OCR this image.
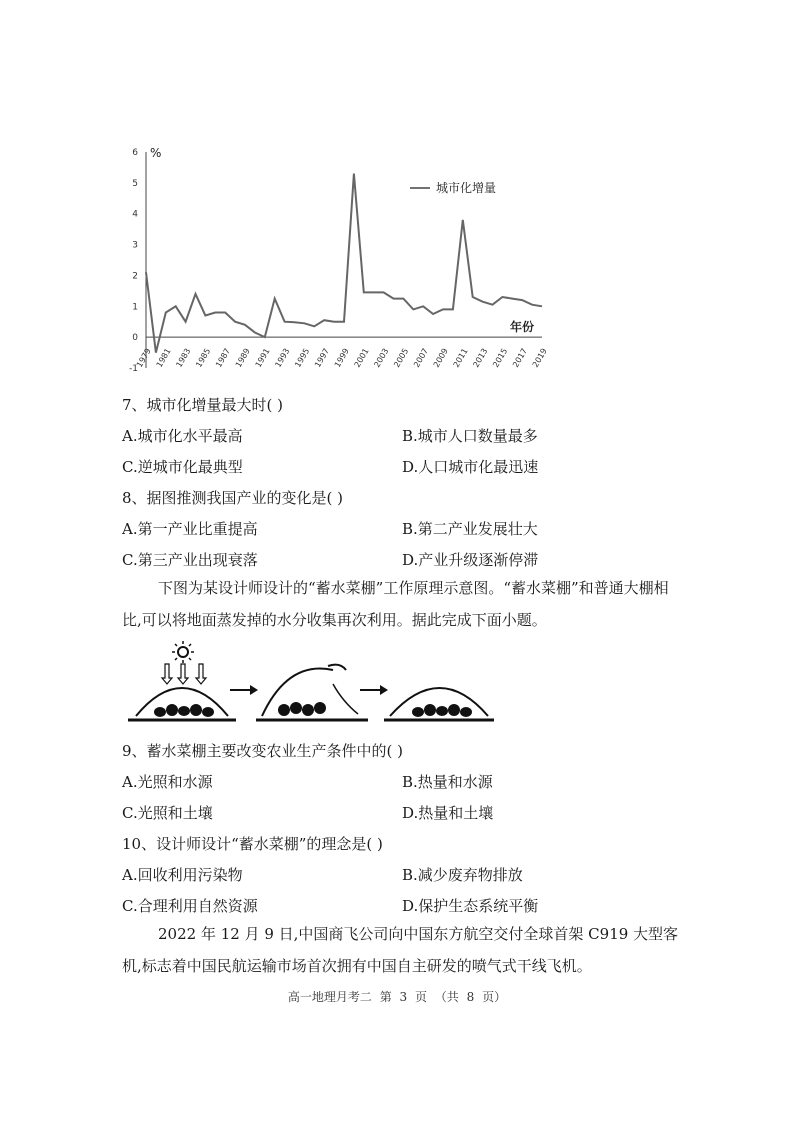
-1
0
1
2
3
4
5
6
1979 1981 1983 1985 1987 1989 1991 1993 1995 1997 1999 2001 2003 2005 2007 2009 2011 2013 2015 2017 2019
%
年份
城市化增量
7、城市化增量最大时( )
A.城市化水平最高	B.城市人口数量最多
C.逆城市化最典型	D.人口城市化最迅速
8、据图推测我国产业的变化是( )
A.第一产业比重提高	B.第二产业发展壮大
C.第三产业出现衰落	D.产业升级逐渐停滞
下图为某设计师设计的“蓄水菜棚”工作原理示意图。“蓄水菜棚”和普通大棚相比,可以将地面蒸发掉的水分收集再次利用。据此完成下面小题。
9、蓄水菜棚主要改变农业生产条件中的( )
A.光照和水源	B.热量和水源
C.光照和土壤	D.热量和土壤
10、设计师设计“蓄水菜棚”的理念是( )
A.回收利用污染物	B.减少废弃物排放
C.合理利用自然资源	D.保护生态系统平衡
2022 年 12 月 9 日,中国商飞公司向中国东方航空交付全球首架 C919 大型客机,标志着中国民航运输市场首次拥有中国自主研发的喷气式干线飞机。
高一地理月考二 第 3 页 （共 8 页）
